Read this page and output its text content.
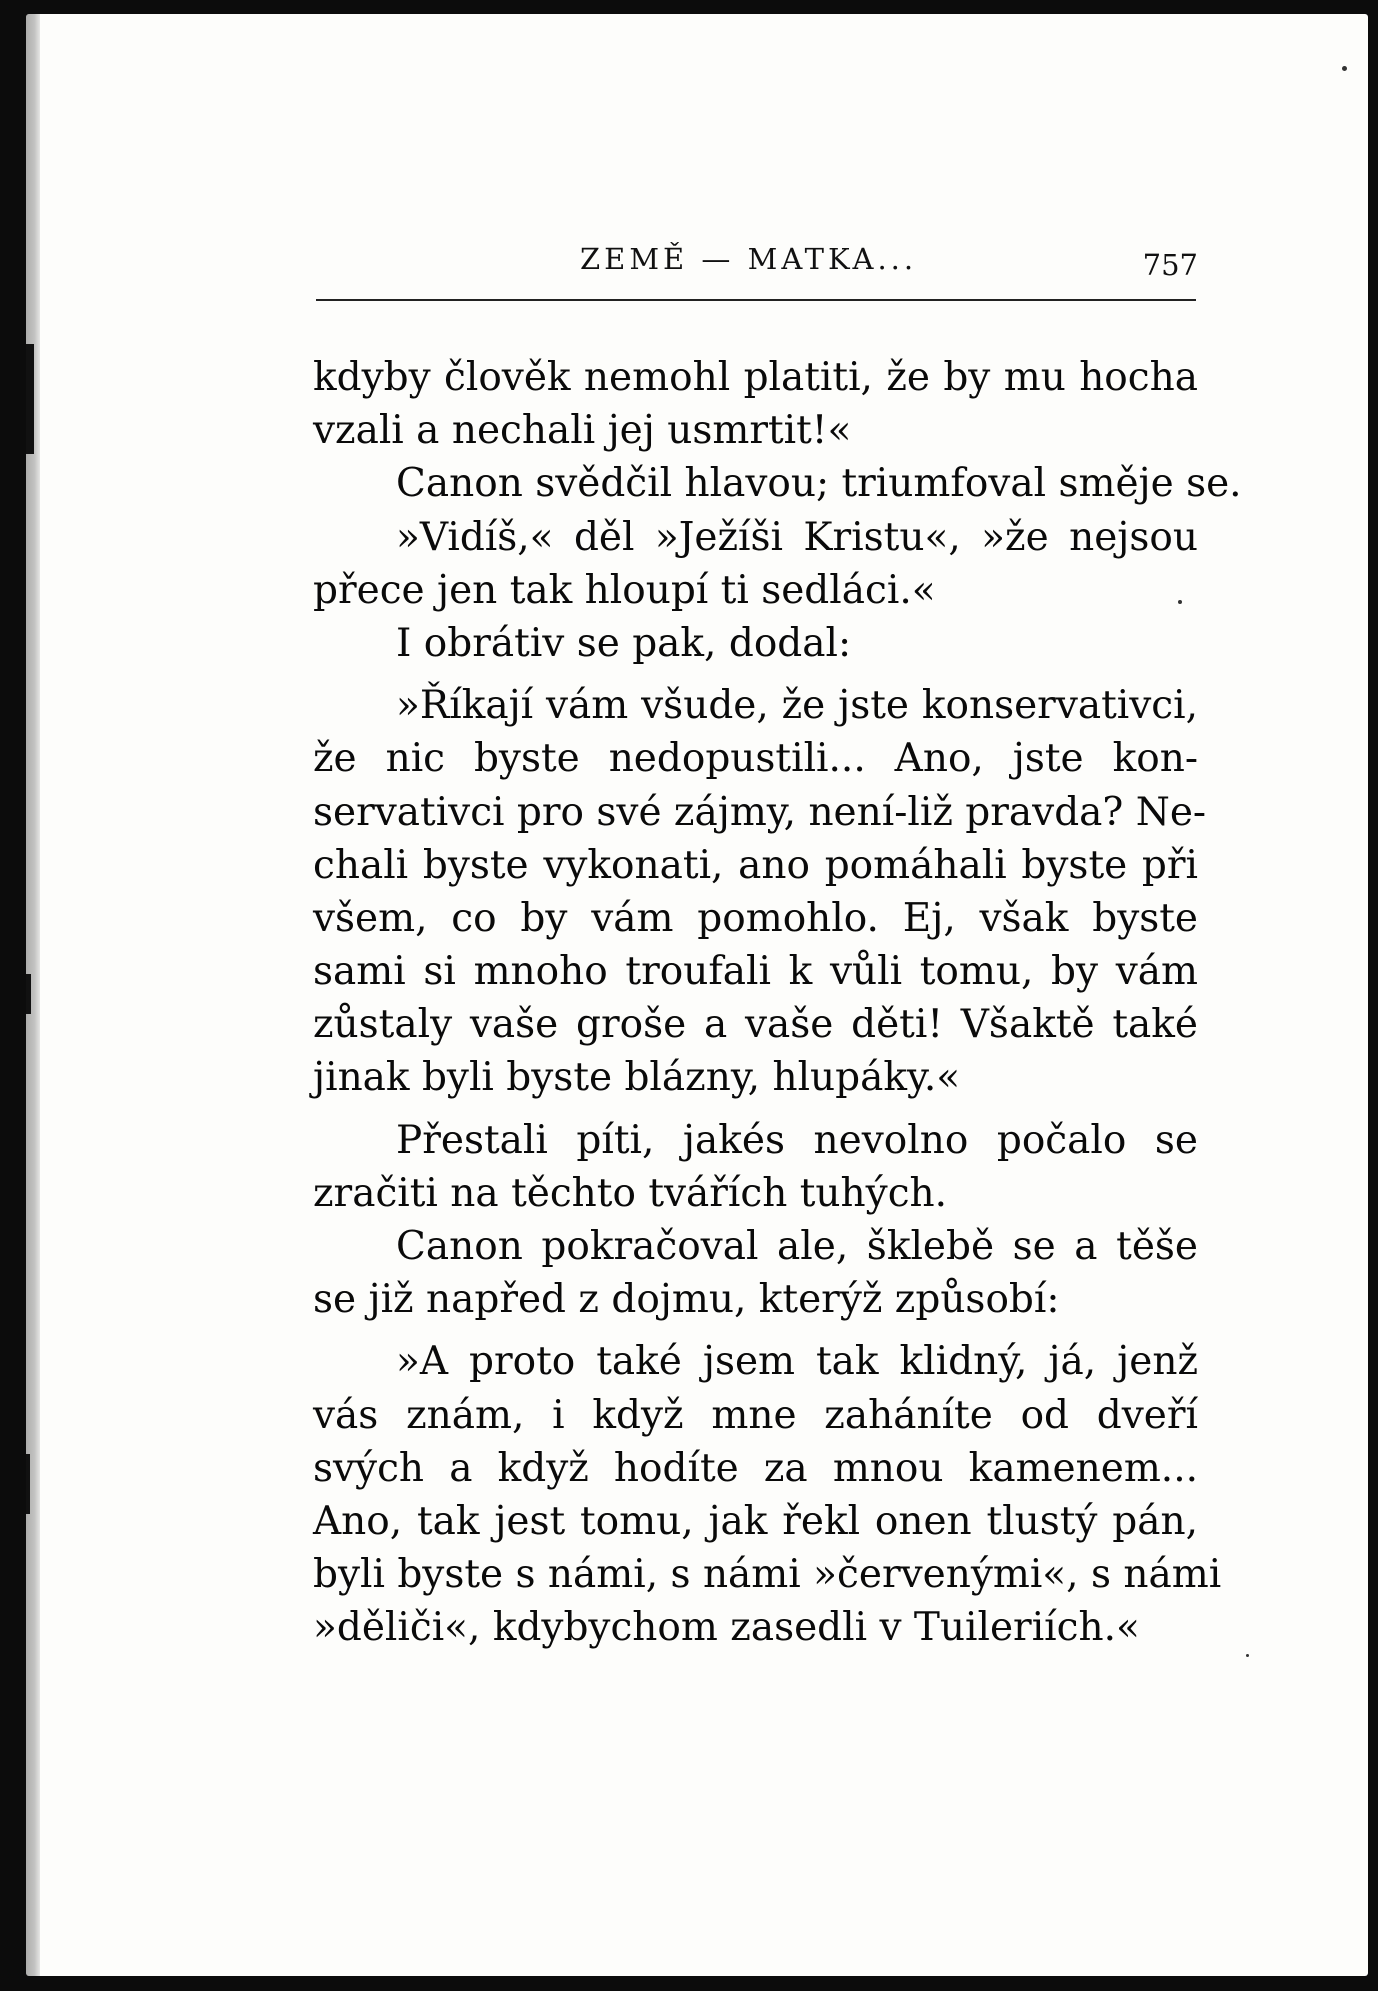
ZEMĚ — MATKA...	757
kdyby člověk nemohl platiti, že by mu hocha
vzali a nechali jej usmrtit!«
Canon svědčil hlavou; triumfoval směje se.
»Vidíš,« děl »Ježíši Kristu«, »že nejsou
přece jen tak hloupí ti sedláci.«
I obrátiv se pak, dodal:
»Říkají vám všude, že jste konservativci,
že nic byste nedopustili... Ano, jste kon-
servativci pro své zájmy, není-liž pravda? Ne-
chali byste vykonati, ano pomáhali byste při
všem, co by vám pomohlo. Ej, však byste
sami si mnoho troufali k vůli tomu, by vám
zůstaly vaše groše a vaše děti! Všaktě také
jinak byli byste blázny, hlupáky.«
Přestali píti, jakés nevolno počalo se
zračiti na těchto tvářích tuhých.
Canon pokračoval ale, šklebě se a těše
se již napřed z dojmu, kterýž způsobí:
»A proto také jsem tak klidný, já, jenž
vás znám, i když mne zaháníte od dveří
svých a když hodíte za mnou kamenem...
Ano, tak jest tomu, jak řekl onen tlustý pán,
byli byste s námi, s námi »červenými«, s námi
»děliči«, kdybychom zasedli v Tuileriích.«
